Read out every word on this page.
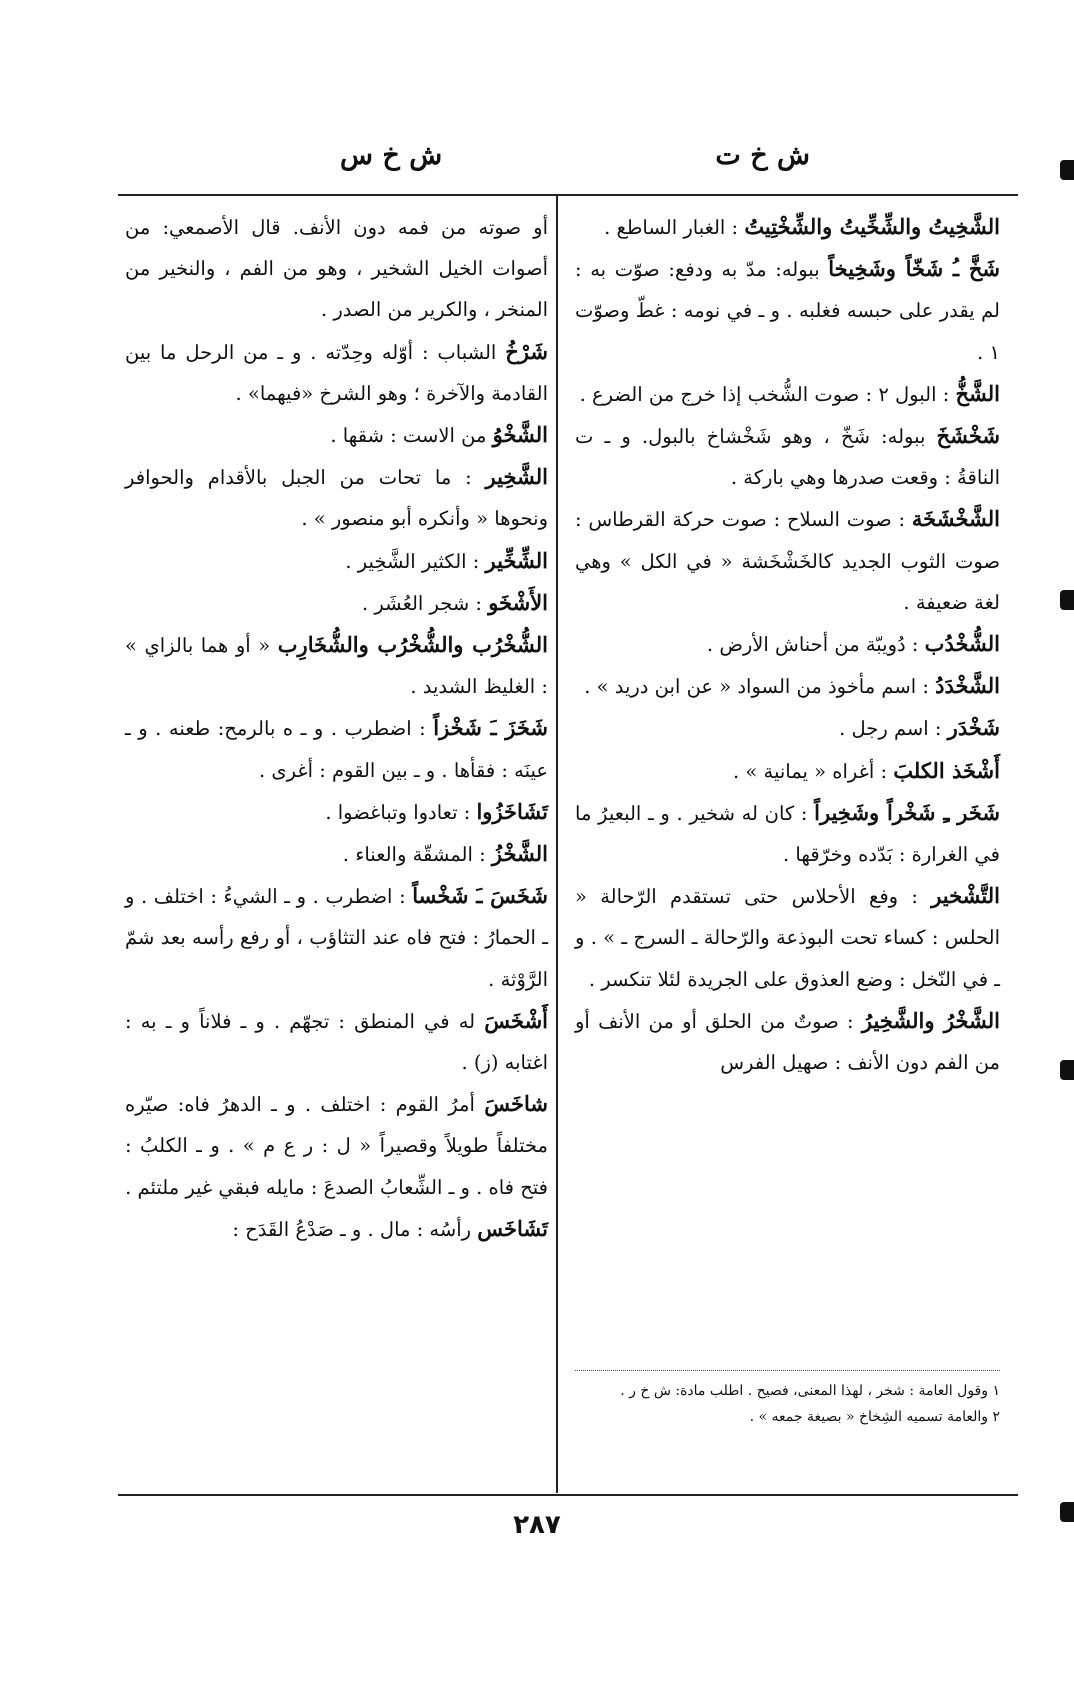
ش خ ت
ش خ س

الشَّخِيتُ والشِّخِّيتُ والشِّخْتِيتُ : الغبار الساطع .

شَخَّ ـُ شَخّاً وشَخِيخاً ببوله: مدّ به ودفع: صوّت به : لم يقدر على حبسه فغلبه . و ـ في نومه : غطّ وصوّت ١ .

الشَّخُّ : البول ٢ : صوت الشُّخب إذا خرج من الضرع .

شَخْشَخَ ببوله: شَخّ ، وهو شَخْشاخ بالبول. و ـ ت الناقةُ : وقعت صدرها وهي باركة .

الشَّخْشَخَة : صوت السلاح : صوت حركة القرطاس : صوت الثوب الجديد كالخَشْخَشة « في الكل » وهي لغة ضعيفة .

الشُّخْدُب : دُويبّة من أحناش الأرض .

الشَّخْدَدُ : اسم مأخوذ من السواد « عن ابن دريد » .

شَخْدَر : اسم رجل .

أَشْخَذ الكلبَ : أغراه « يمانية » .

شَخَر ـِ شَخْراً وشَخِيراً : كان له شخير . و ـ البعيرُ ما في الغرارة : بَدّده وخرّقها .

التَّشْخير : وفع الأحلاس حتى تستقدم الرّحالة « الحلس : كساء تحت البوذعة والرّحالة ـ السرج ـ » . و ـ في النّخل : وضع العذوق على الجريدة لئلا تنكسر .

الشَّخْرُ والشَّخِيرُ : صوتٌ من الحلق أو من الأنف أو من الفم دون الأنف : صهيل الفرس

١ وقول العامة : شخر ، لهذا المعنى، فصيح . اطلب مادة: ش خ ر .
٢ والعامة تسميه الشِخاخ « بصيغة جمعه » .

أو صوته من فمه دون الأنف. قال الأصمعي: من أصوات الخيل الشخير ، وهو من الفم ، والنخير من المنخر ، والكرير من الصدر .

شَرْخُ الشباب : أوّله وحِدّته . و ـ من الرحل ما بين القادمة والآخرة ؛ وهو الشرخ «فيهما» .

الشَّخْوُ من الاست : شقها .

الشَّخِير : ما تحات من الجبل بالأقدام والحوافر ونحوها « وأنكره أبو منصور » .

الشِّخِّير : الكثير الشَّخِير .

الأَشْخَو : شجر العُشَر .

الشُّخْرُب والشُّخْرُب والشُّخَارِب « أو هما بالزاي » : الغليظ الشديد .

شَخَزَ ـَ شَخْزاً : اضطرب . و ـ ه بالرمح: طعنه . و ـ عينَه : فقأها . و ـ بين القوم : أغرى .

تَشَاخَزُوا : تعادوا وتباغضوا .

الشَّخْزُ : المشقّة والعناء .

شَخَسَ ـَ شَخْساً : اضطرب . و ـ الشيءُ : اختلف . و ـ الحمارُ : فتح فاه عند التثاؤب ، أو رفع رأسه بعد شمّ الرَّوْثة .

أَشْخَسَ له في المنطق : تجهّم . و ـ فلاناً و ـ به : اغتابه (ز) .

شاخَسَ أمرُ القوم : اختلف . و ـ الدهرُ فاه: صيّره مختلفاً طويلاً وقصيراً « ل : ر ع م » . و ـ الكلبُ : فتح فاه . و ـ الشِّعابُ الصدعَ : مايله فبقي غير ملتئم .

تَشَاخَس رأسُه : مال . و ـ صَدْعُ القَدَح :

٢٨٧
